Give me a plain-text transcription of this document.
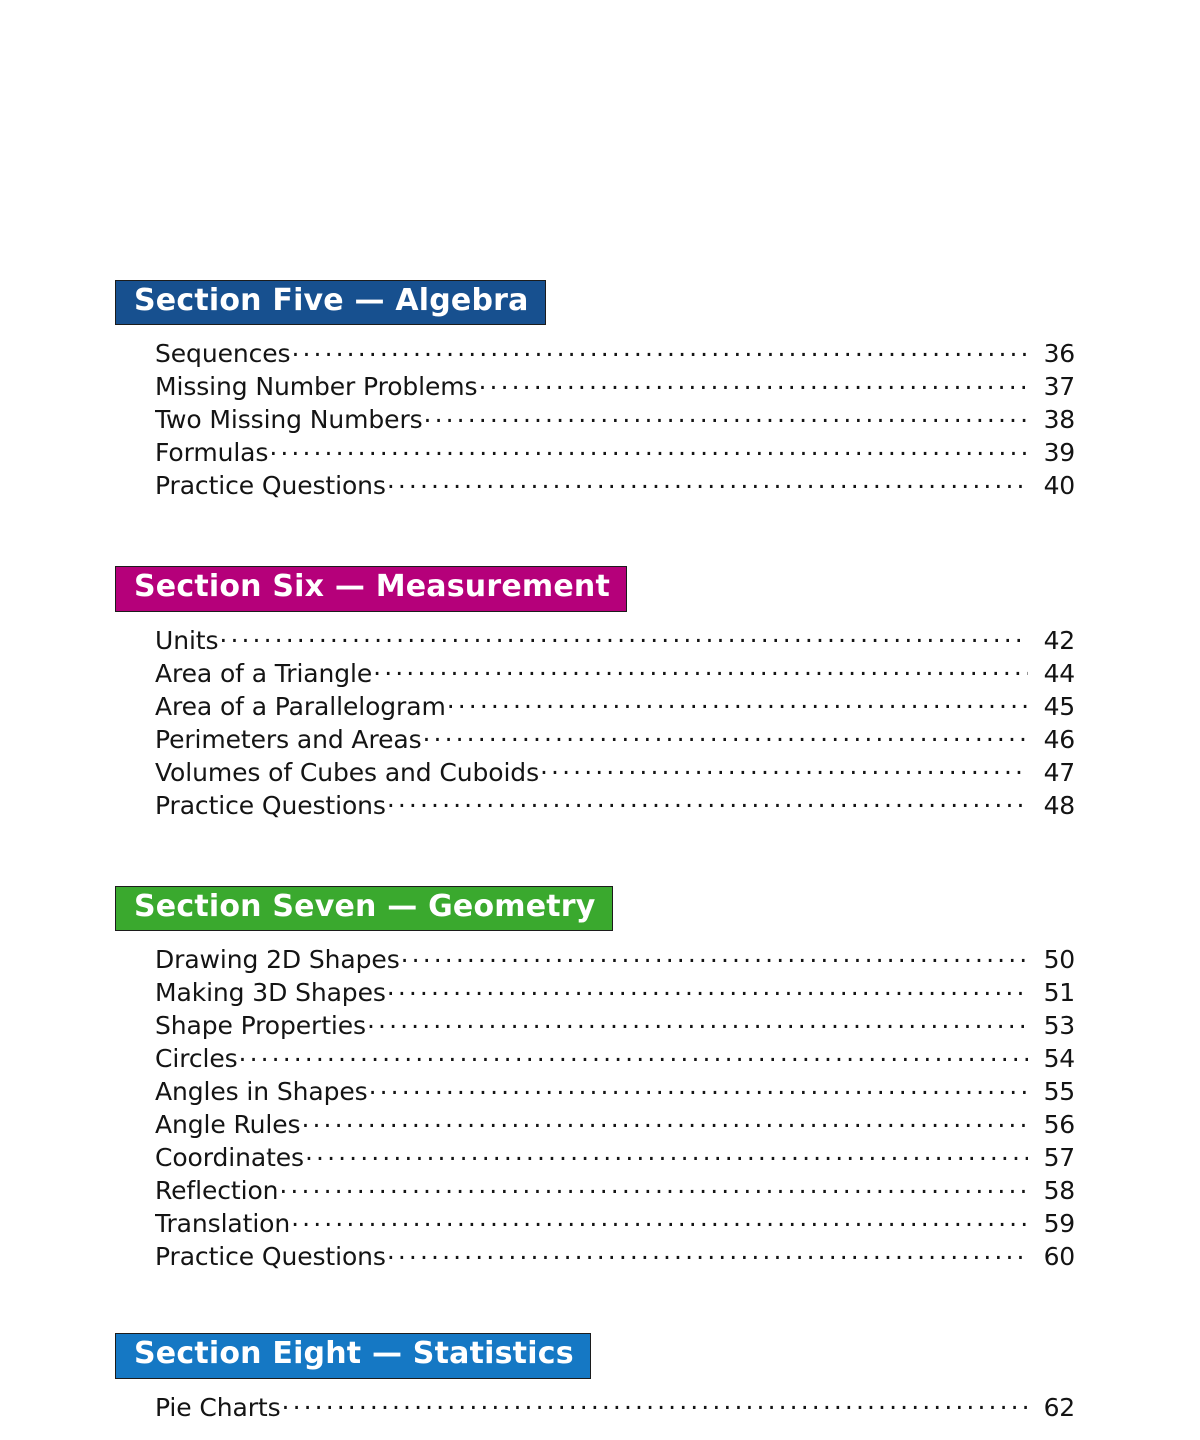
Section Five — Algebra
Sequences .....	36
Missing Number Problems .....	37
Two Missing Numbers .....	38
Formulas .....	39
Practice Questions .....	40
Section Six — Measurement
Units .....	42
Area of a Triangle .....	44
Area of a Parallelogram .....	45
Perimeters and Areas .....	46
Volumes of Cubes and Cuboids .....	47
Practice Questions .....	48
Section Seven — Geometry
Drawing 2D Shapes .....	50
Making 3D Shapes .....	51
Shape Properties .....	53
Circles .....	54
Angles in Shapes .....	55
Angle Rules .....	56
Coordinates .....	57
Reflection .....	58
Translation .....	59
Practice Questions .....	60
Section Eight — Statistics
Pie Charts .....	62
